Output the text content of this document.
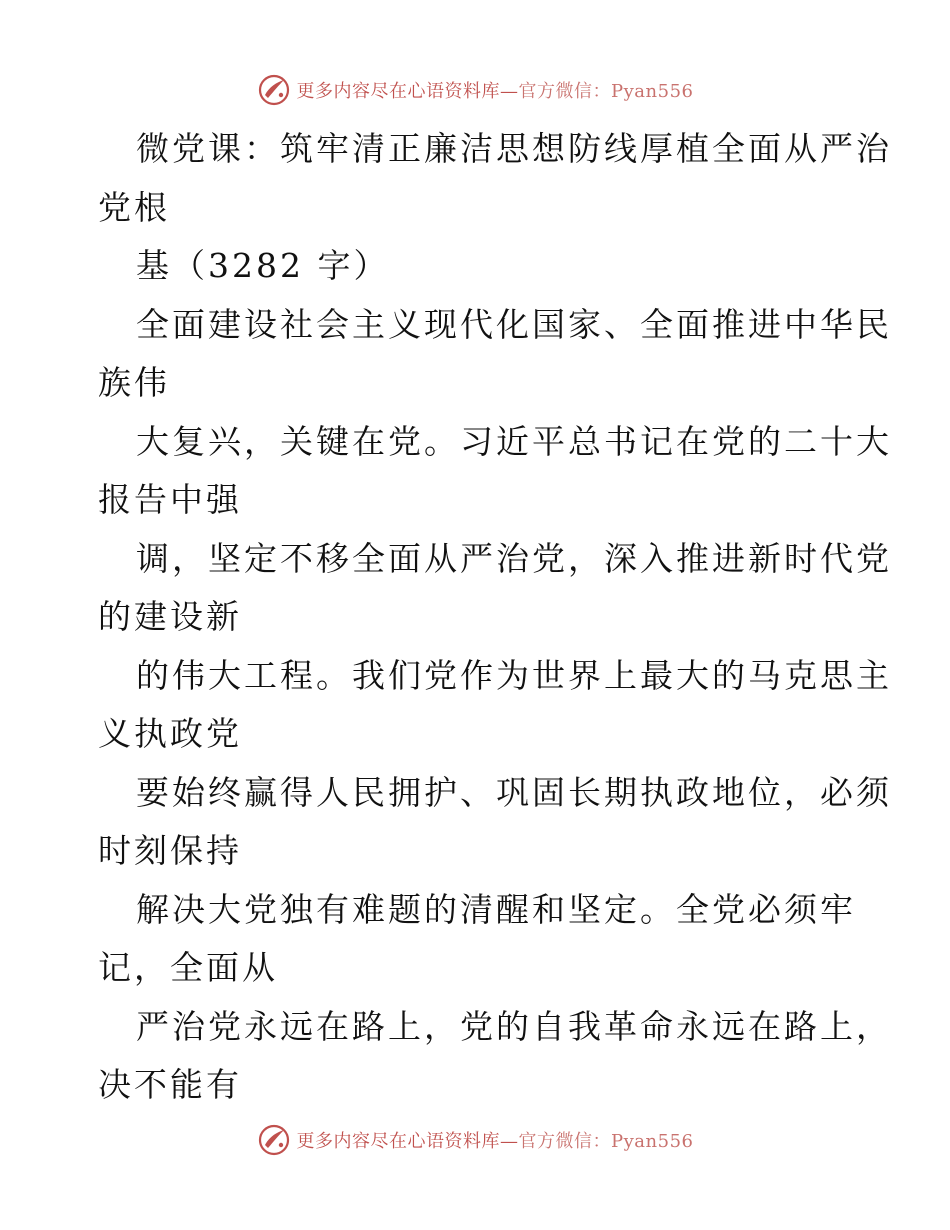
更多内容尽在心语资料库—官方微信：Pyan556
微党课：筑牢清正廉洁思想防线厚植全面从严治
党根
基（3282 字）
全面建设社会主义现代化国家、全面推进中华民
族伟
大复兴，关键在党。习近平总书记在党的二十大
报告中强
调，坚定不移全面从严治党，深入推进新时代党
的建设新
的伟大工程。我们党作为世界上最大的马克思主
义执政党
要始终赢得人民拥护、巩固长期执政地位，必须
时刻保持
解决大党独有难题的清醒和坚定。全党必须牢
记，全面从
严治党永远在路上，党的自我革命永远在路上，
决不能有
更多内容尽在心语资料库—官方微信：Pyan556
